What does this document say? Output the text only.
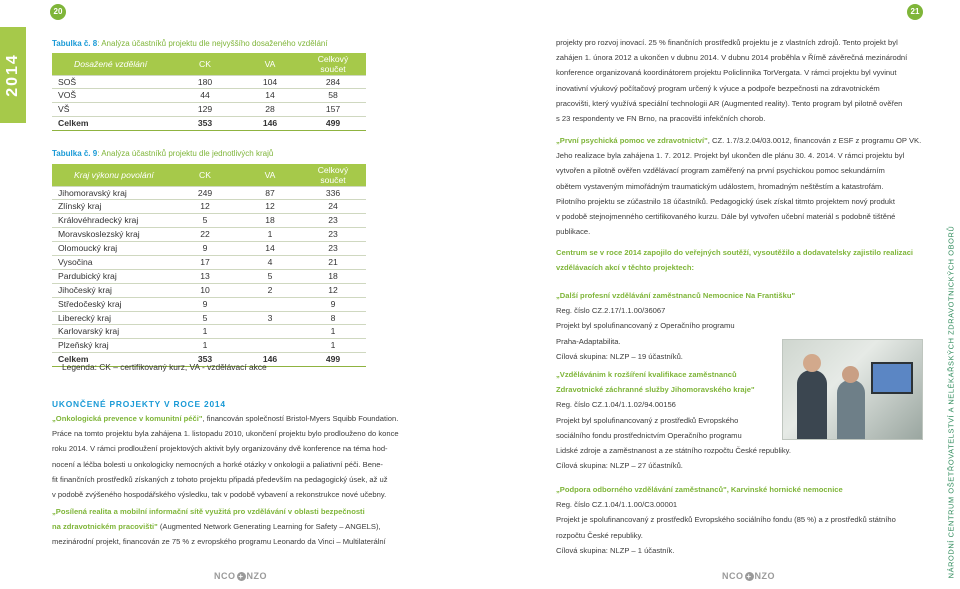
20	21
2014
NÁRODNÍ CENTRUM OŠETŘOVATELSTVÍ A NELÉKAŘSKÝCH ZDRAVOTNICKÝCH OBORŮ
Tabulka č. 8: Analýza účastníků projektu dle nejvyššího dosaženého vzdělání
Dosažené vzdělání	CK	VA	Celkový součet
SOŠ	180	104	284
VOŠ	44	14	58
VŠ	129	28	157
Celkem	353	146	499
Tabulka č. 9: Analýza účastníků projektu dle jednotlivých krajů
Kraj výkonu povolání	CK	VA	Celkový součet
Jihomoravský kraj	249	87	336
Zlínský kraj	12	12	24
Královéhradecký kraj	5	18	23
Moravskoslezský kraj	22	1	23
Olomoucký kraj	9	14	23
Vysočina	17	4	21
Pardubický kraj	13	5	18
Jihočeský kraj	10	2	12
Středočeský kraj	9		9
Liberecký kraj	5	3	8
Karlovarský kraj	1		1
Plzeňský kraj	1		1
Celkem	353	146	499
Legenda: CK – certifikovaný kurz, VA - vzdělávací akce
UKONČENÉ PROJEKTY V ROCE 2014
„Onkologická prevence v komunitní péči", financován společností Bristol-Myers Squibb Foundation.
Práce na tomto projektu byla zahájena 1. listopadu 2010, ukončení projektu bylo prodlouženo do konce
roku 2014. V rámci prodloužení projektových aktivit byly organizovány dvě konference na téma hod-
nocení a léčba bolesti u onkologicky nemocných a horké otázky v onkologii a paliativní péči. Bene-
fit finančních prostředků získaných z tohoto projektu připadá především na pedagogický úsek, až už
v podobě zvýšeného hospodářského výsledku, tak v podobě vybavení a rekonstrukce nové učebny.
„Posílená realita a mobilní informační sítě využitá pro vzdělávání v oblasti bezpečnosti
na zdravotnickém pracovišti" (Augmented Network Generating Learning for Safety – ANGELS),
mezinárodní projekt, financován ze 75 % z evropského programu Leonardo da Vinci – Multilaterální
projekty pro rozvoj inovací. 25 % finančních prostředků projektu je z vlastních zdrojů. Tento projekt byl
zahájen 1. února 2012 a ukončen v dubnu 2014. V dubnu 2014 proběhla v Římě závěrečná mezinárodní
konference organizovaná koordinátorem projektu Policlinnika TorVergata. V rámci projektu byl vyvinut
inovativní výukový počítačový program určený k výuce a podpoře bezpečnosti na zdravotnickém
pracovišti, který využívá speciální technologii AR (Augmented reality). Tento program byl pilotně ověřen
s 23 respondenty ve FN Brno, na pracovišti infekčních chorob.
„První psychická pomoc ve zdravotnictví", CZ. 1.7/3.2.04/03.0012, financován z ESF z programu OP VK.
Jeho realizace byla zahájena 1. 7. 2012. Projekt byl ukončen dle plánu 30. 4. 2014. V rámci projektu byl
vytvořen a pilotně ověřen vzdělávací program zaměřený na první psychickou pomoc sekundárním
obětem vystaveným mimořádným traumatickým událostem, hromadným neštěstím a katastrofám.
Pilotního projektu se zúčastnilo 18 účastníků. Pedagogický úsek získal titmto projektem nový produkt
v podobě stejnojmenného certifikovaného kurzu. Dále byl vytvořen učební materiál s podobně tištěné
publikace.
Centrum se v roce 2014 zapojilo do veřejných soutěží, vysoutěžilo a dodavatelsky zajistilo realizaci
vzdělávacích akcí v těchto projektech:
„Další profesní vzdělávání zaměstnanců Nemocnice Na Františku"
Reg. číslo CZ.2.17/1.1.00/36067
Projekt byl spolufinancovaný z Operačního programu
Praha-Adaptabilita.
Cílová skupina: NLZP – 19 účastníků.
„Vzdělávánim k rozšíření kvalifikace zaměstnanců
Zdravotnické záchranné služby Jihomoravského kraje"
Reg. číslo CZ.1.04/1.1.02/94.00156
Projekt byl spolufinancovaný z prostředků Evropského
sociálního fondu prostřednictvím Operačního programu
Lidské zdroje a zaměstnanost a ze státního rozpočtu České republiky.
Cílová skupina: NLZP – 27 účastníků.
„Podpora odborného vzdělávání zaměstnanců", Karvinské hornické nemocnice
Reg. číslo CZ.1.04/1.1.00/C3.00001
Projekt je spolufinancovaný z prostředků Evropského sociálního fondu (85 %) a z prostředků státního
rozpočtu České republiky.
Cílová skupina: NLZP – 1 účastník.
NCO + NZO	NCO + NZO
